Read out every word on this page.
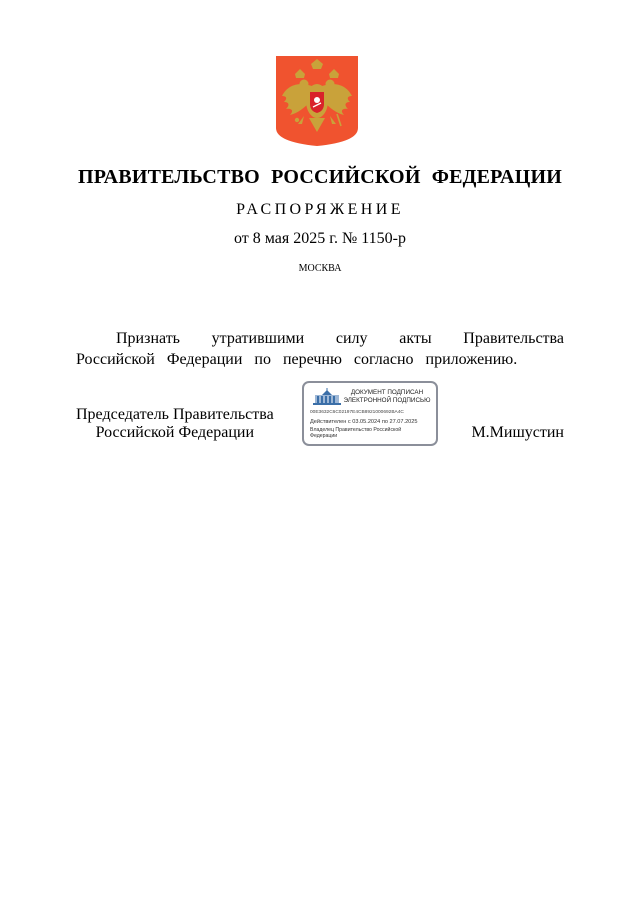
ПРАВИТЕЛЬСТВО РОССИЙСКОЙ ФЕДЕРАЦИИ
РАСПОРЯЖЕНИЕ
от 8 мая 2025 г. № 1150-р
МОСКВА
Признать утратившими силу акты Правительства Российской Федерации по перечню согласно приложению.
Председатель Правительства
Российской Федерации
ДОКУМЕНТ ПОДПИСАН
ЭЛЕКТРОННОЙ ПОДПИСЬЮ
00E3632C6C02197E4CB8921000692BA4C
Действителен с 03.05.2024 по 27.07.2025
Владелец Правительство Российской Федерации	М.Мишустин
